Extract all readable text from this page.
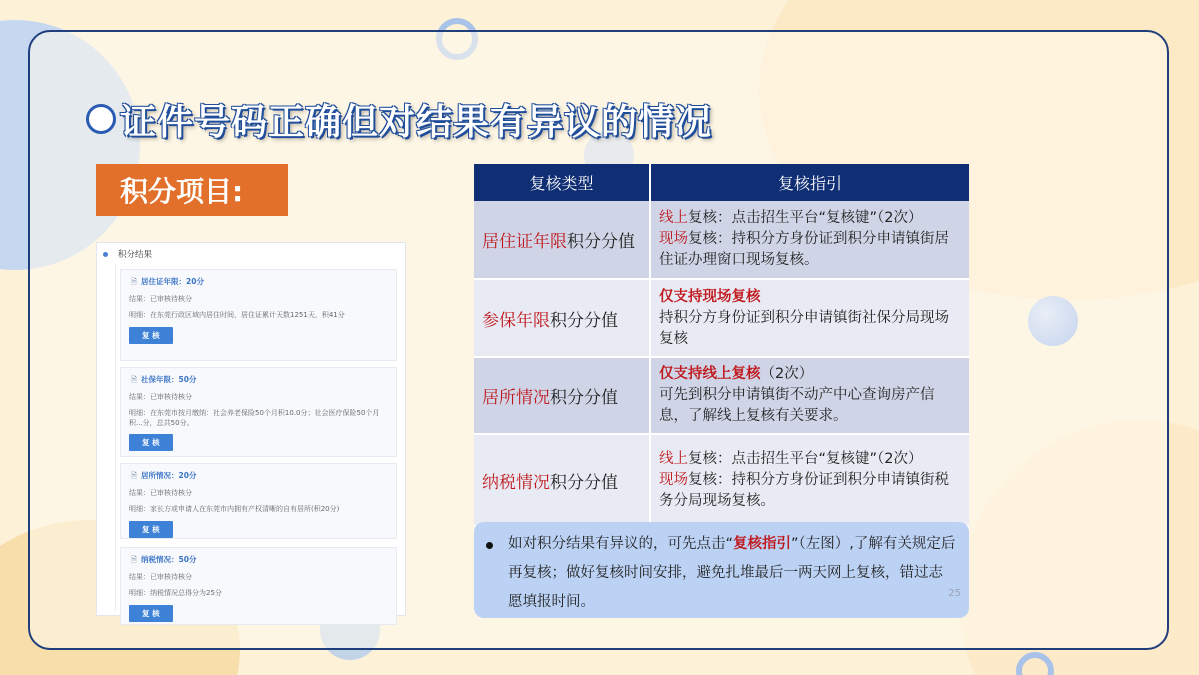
证件号码正确但对结果有异议的情况
积分项目:
积分结果
🗎 居住证年限：20分
结果：已审核待核分
明细：在东莞行政区域内居住时间，居住证累计天数1251天，积41分
复 核
🗎 社保年限：50分
结果：已审核待核分
明细：在东莞市按月缴纳：社会养老保险50个月积10.0分；社会医疗保险50个月积...分，总共50分。
复 核
🗎 居所情况：20分
结果：已审核待核分
明细：家长方或申请人在东莞市内拥有产权清晰的自有居所(积20分)
复 核
🗎 纳税情况：50分
结果：已审核待核分
明细：纳税情况总得分为25分
复 核
复核类型	复核指引
居住证年限积分分值	线上复核：点击招生平台“复核键”（2次）
现场复核：持积分方身份证到积分申请镇街居住证办理窗口现场复核。

参保年限积分分值	仅支持现场复核
持积分方身份证到积分申请镇街社保分局现场复核

居所情况积分分值	仅支持线上复核（2次）
可先到积分申请镇街不动产中心查询房产信息，了解线上复核有关要求。

纳税情况积分分值	线上复核：点击招生平台“复核键”（2次）
现场复核：持积分方身份证到积分申请镇街税务分局现场复核。
如对积分结果有异议的，可先点击“复核指引”（左图）,了解有关规定后再复核；做好复核时间安排，避免扎堆最后一两天网上复核，错过志愿填报时间。
25
